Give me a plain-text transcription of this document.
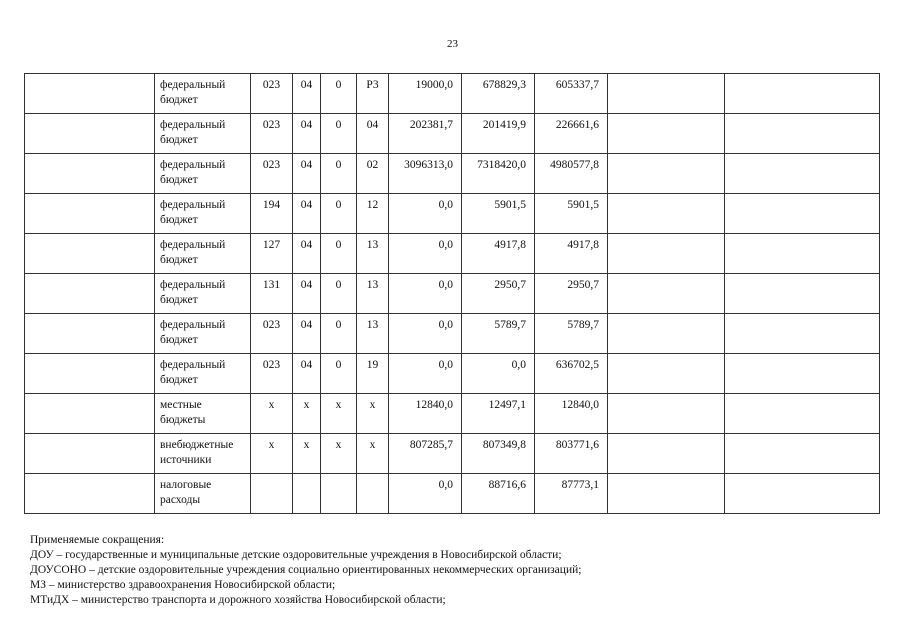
23
	федеральный бюджет	023	04	0	Р3	19000,0	678829,3	605337,7		
	федеральный бюджет	023	04	0	04	202381,7	201419,9	226661,6		
	федеральный бюджет	023	04	0	02	3096313,0	7318420,0	4980577,8		
	федеральный бюджет	194	04	0	12	0,0	5901,5	5901,5		
	федеральный бюджет	127	04	0	13	0,0	4917,8	4917,8		
	федеральный бюджет	131	04	0	13	0,0	2950,7	2950,7		
	федеральный бюджет	023	04	0	13	0,0	5789,7	5789,7		
	федеральный бюджет	023	04	0	19	0,0	0,0	636702,5		
	местные бюджеты	х	х	х	х	12840,0	12497,1	12840,0		
	внебюджетные источники	х	х	х	х	807285,7	807349,8	803771,6		
	налоговые расходы					0,0	88716,6	87773,1		
Применяемые сокращения:
ДОУ – государственные и муниципальные детские оздоровительные учреждения в Новосибирской области;
ДОУСОНО – детские оздоровительные учреждения социально ориентированных некоммерческих организаций;
МЗ – министерство здравоохранения Новосибирской области;
МТиДХ – министерство транспорта и дорожного хозяйства Новосибирской области;
